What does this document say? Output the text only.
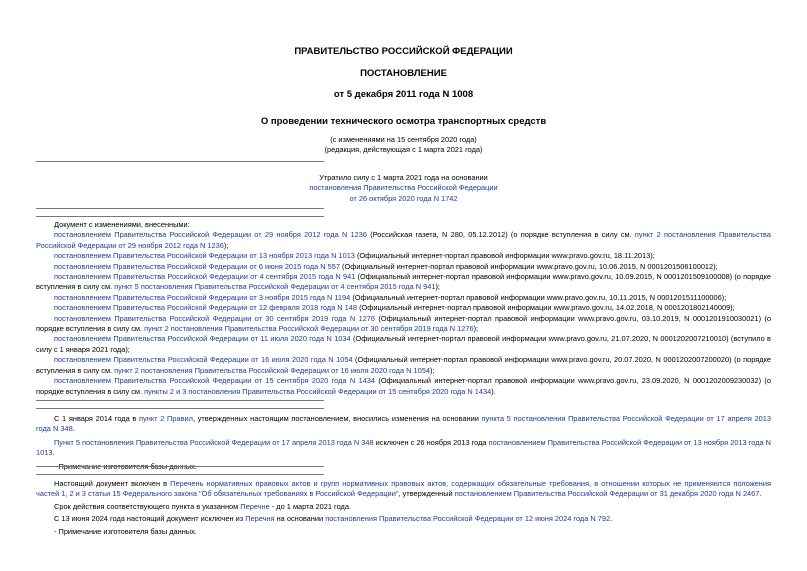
ПРАВИТЕЛЬСТВО РОССИЙСКОЙ ФЕДЕРАЦИИ
ПОСТАНОВЛЕНИЕ
от 5 декабря 2011 года N 1008
О проведении технического осмотра транспортных средств
(с изменениями на 15 сентября 2020 года)
(редакция, действующая с 1 марта 2021 года)
Утратило силу с 1 марта 2021 года на основании
постановления Правительства Российской Федерации
от 26 октября 2020 года N 1742
Документ с изменениями, внесенными:
постановлением Правительства Российской Федерации от 29 ноября 2012 года N 1236 (Российская газета, N 280, 05.12.2012) (о порядке вступления в силу см. пункт 2 постановления Правительства Российской Федерации от 29 ноября 2012 года N 1236);
постановлением Правительства Российской Федерации от 13 ноября 2013 года N 1013 (Официальный интернет-портал правовой информации www.pravo.gov.ru, 18.11.2013);
постановлением Правительства Российской Федерации от 6 июня 2015 года N 557 (Официальный интернет-портал правовой информации www.pravo.gov.ru, 10.06.2015, N 0001201506100012);
постановлением Правительства Российской Федерации от 4 сентября 2015 года N 941 (Официальный интернет-портал правовой информации www.pravo.gov.ru, 10.09.2015, N 0001201509100008) (о порядке вступления в силу см. пункт 5 постановления Правительства Российской Федерации от 4 сентября 2015 года N 941);
постановлением Правительства Российской Федерации от 3 ноября 2015 года N 1194 (Официальный интернет-портал правовой информации www.pravo.gov.ru, 10.11.2015, N 0001201511100006);
постановлением Правительства Российской Федерации от 12 февраля 2018 года N 148 (Официальный интернет-портал правовой информации www.pravo.gov.ru, 14.02.2018, N 0001201802140009);
постановлением Правительства Российской Федерации от 30 сентября 2019 года N 1276 (Официальный интернет-портал правовой информации www.pravo.gov.ru, 03.10.2019, N 0001201910030021) (о порядке вступления в силу см. пункт 2 постановления Правительства Российской Федерации от 30 сентября 2019 года N 1276);
постановлением Правительства Российской Федерации от 11 июля 2020 года N 1034 (Официальный интернет-портал правовой информации www.pravo.gov.ru, 21.07.2020, N 0001202007210010) (вступило в силу с 1 января 2021 года);
постановлением Правительства Российской Федерации от 16 июля 2020 года N 1054 (Официальный интернет-портал правовой информации www.pravo.gov.ru, 20.07.2020, N 0001202007200020) (о порядке вступления в силу см. пункт 2 постановления Правительства Российской Федерации от 16 июля 2020 года N 1054);
постановлением Правительства Российской Федерации от 15 сентября 2020 года N 1434 (Официальный интернет-портал правовой информации www.pravo.gov.ru, 23.09.2020, N 0001202009230032) (о порядке вступления в силу см. пункты 2 и 3 постановления Правительства Российской Федерации от 15 сентября 2020 года N 1434).
С 1 января 2014 года в пункт 2 Правил, утвержденных настоящим постановлением, вносились изменения на основании пункта 5 постановления Правительства Российской Федерации от 17 апреля 2013 года N 348.
Пункт 5 постановления Правительства Российской Федерации от 17 апреля 2013 года N 348 исключен с 26 ноября 2013 года постановлением Правительства Российской Федерации от 13 ноября 2013 года N 1013.
- Примечание изготовителя базы данных.
Настоящий документ включен в Перечень нормативных правовых актов и групп нормативных правовых актов, содержащих обязательные требования, в отношении которых не применяются положения частей 1, 2 и 3 статьи 15 Федерального закона "Об обязательных требованиях в Российской Федерации", утвержденный постановлением Правительства Российской Федерации от 31 декабря 2020 года N 2467.
Срок действия соответствующего пункта в указанном Перечне - до 1 марта 2021 года.
С 13 июня 2024 года настоящий документ исключен из Перечня на основании постановления Правительства Российской Федерации от 12 июня 2024 года N 792.
- Примечание изготовителя базы данных.
